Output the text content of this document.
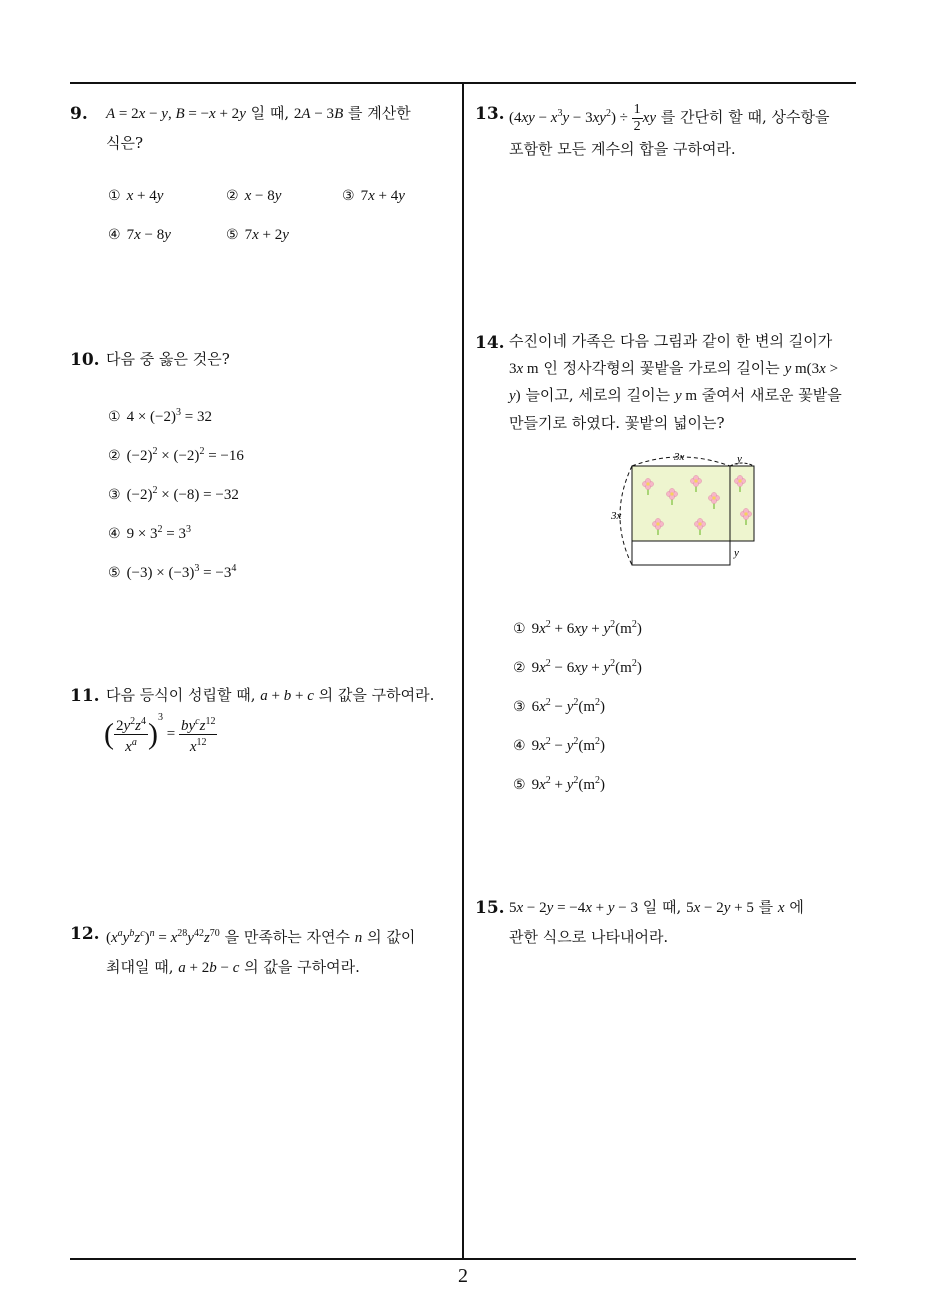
9. A = 2x − y, B = −x + 2y 일 때, 2A − 3B 를 계산한
식은?
① x + 4y	② x − 8y	③ 7x + 4y
④ 7x − 8y	⑤ 7x + 2y
10. 다음 중 옳은 것은?
① $4 \times (-2)^3 = 32$
② $(-2)^2 \times (-2)^2 = -16$
③ $(-2)^2 \times (-8) = -32$
④ $9 \times 3^2 = 3^3$
⑤ $(-3) \times (-3)^3 = -3^4$
11. 다음 등식이 성립할 때, a + b + c 의 값을 구하여라.
( $\frac{2y^2z^4}{x^a} )^3 = \frac{by^cz^{12}}{x^{12}}$
12. $(x^ay^bz^c)^n = x^{28}y^{42}z^{70}$ 을 만족하는 자연수 n 의 값이
최대일 때, a + 2b − c 의 값을 구하여라.
13. $(4xy - x^3y - 3xy^2) \div \frac{1}{2}$ xy 를 간단히 할 때, 상수항을
포함한 모든 계수의 합을 구하여라.
14. 수진이네 가족은 다음 그림과 같이 한 변의 길이가
3x m 인 정사각형의 꽃밭을 가로의 길이는 y m(3x >
y) 늘이고, 세로의 길이는 y m 줄여서 새로운 꽃밭을
만들기로 하였다. 꽃밭의 넓이는?
3x
3x
y
y
① $9x^2 + 6xy + y^2(m^2)$
② $9x^2 - 6xy + y^2(m^2)$
③ $6x^2 - y^2(m^2)$
④ $9x^2 - y^2(m^2)$
⑤ $9x^2 + y^2(m^2)$
15. 5x − 2y = −4x + y − 3 일 때, 5x − 2y + 5 를 x 에
관한 식으로 나타내어라.
2
